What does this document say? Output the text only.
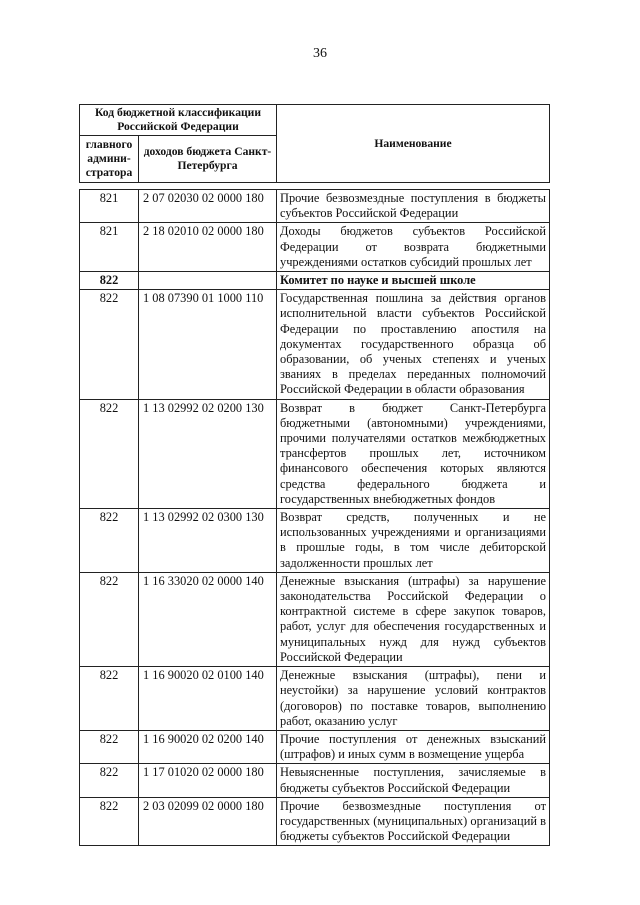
36
Код бюджетной классификации Российской Федерации		Наименование
главного админи-стратора	доходов бюджета Санкт-Петербурга	

821	2 07 02030 02 0000 180	Прочие безвозмездные поступления в бюджеты субъектов Российской Федерации
821	2 18 02010 02 0000 180	Доходы бюджетов субъектов Российской Федерации от возврата бюджетными учреждениями остатков субсидий прошлых лет
822		Комитет по науке и высшей школе
822	1 08 07390 01 1000 110	Государственная пошлина за действия органов исполнительной власти субъектов Российской Федерации по проставлению апостиля на документах государственного образца об образовании, об ученых степенях и ученых званиях в пределах переданных полномочий Российской Федерации в области образования
822	1 13 02992 02 0200 130	Возврат в бюджет Санкт-Петербурга бюджетными (автономными) учреждениями, прочими получателями остатков межбюджетных трансфертов прошлых лет, источником финансового обеспечения которых являются средства федерального бюджета и государственных внебюджетных фондов
822	1 13 02992 02 0300 130	Возврат средств, полученных и не использованных учреждениями и организациями в прошлые годы, в том числе дебиторской задолженности прошлых лет
822	1 16 33020 02 0000 140	Денежные взыскания (штрафы) за нарушение законодательства Российской Федерации о контрактной системе в сфере закупок товаров, работ, услуг для обеспечения государственных и муниципальных нужд для нужд субъектов Российской Федерации
822	1 16 90020 02 0100 140	Денежные взыскания (штрафы), пени и неустойки) за нарушение условий контрактов (договоров) по поставке товаров, выполнению работ, оказанию услуг
822	1 16 90020 02 0200 140	Прочие поступления от денежных взысканий (штрафов) и иных сумм в возмещение ущерба
822	1 17 01020 02 0000 180	Невыясненные поступления, зачисляемые в бюджеты субъектов Российской Федерации
822	2 03 02099 02 0000 180	Прочие безвозмездные поступления от государственных (муниципальных) организаций в бюджеты субъектов Российской Федерации
